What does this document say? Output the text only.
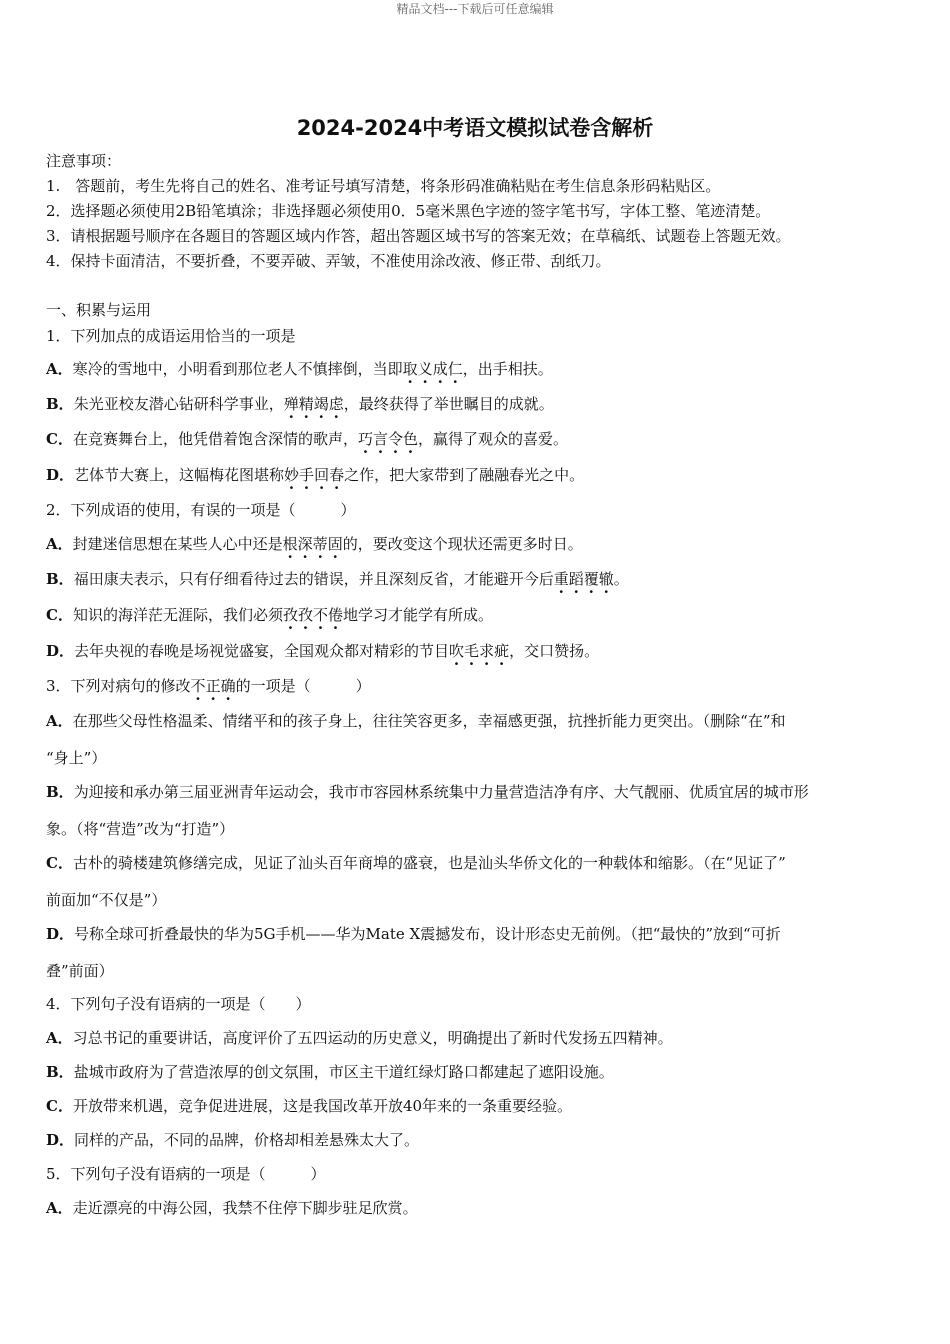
精品文档---下载后可任意编辑
2024-2024中考语文模拟试卷含解析
注意事项：
1.　答题前，考生先将自己的姓名、准考证号填写清楚，将条形码准确粘贴在考生信息条形码粘贴区。
2．选择题必须使用2B铅笔填涂；非选择题必须使用0．5毫米黑色字迹的签字笔书写，字体工整、笔迹清楚。
3．请根据题号顺序在各题目的答题区域内作答，超出答题区域书写的答案无效；在草稿纸、试题卷上答题无效。
4．保持卡面清洁，不要折叠，不要弄破、弄皱，不准使用涂改液、修正带、刮纸刀。
一、积累与运用
1．下列加点的成语运用恰当的一项是
A．寒冷的雪地中，小明看到那位老人不慎摔倒，当即取义成仁，出手相扶。
B．朱光亚校友潜心钻研科学事业，殚精竭虑，最终获得了举世瞩目的成就。
C．在竞赛舞台上，他凭借着饱含深情的歌声，巧言令色，赢得了观众的喜爱。
D．艺体节大赛上，这幅梅花图堪称妙手回春之作，把大家带到了融融春光之中。
2．下列成语的使用，有误的一项是（　　　）
A．封建迷信思想在某些人心中还是根深蒂固的，要改变这个现状还需更多时日。
B．福田康夫表示，只有仔细看待过去的错误，并且深刻反省，才能避开今后重蹈覆辙。
C．知识的海洋茫无涯际，我们必须孜孜不倦地学习才能学有所成。
D．去年央视的春晚是场视觉盛宴，全国观众都对精彩的节目吹毛求疵，交口赞扬。
3．下列对病句的修改不正确的一项是（　　　）
A．在那些父母性格温柔、情绪平和的孩子身上，往往笑容更多，幸福感更强，抗挫折能力更突出。（删除“在”和
“身上”）
B．为迎接和承办第三届亚洲青年运动会，我市市容园林系统集中力量营造洁净有序、大气靓丽、优质宜居的城市形
象。（将“营造”改为“打造”）
C．古朴的骑楼建筑修缮完成，见证了汕头百年商埠的盛衰，也是汕头华侨文化的一种载体和缩影。（在“见证了”
前面加“不仅是”）
D．号称全球可折叠最快的华为5G手机——华为Mate X震撼发布，设计形态史无前例。（把“最快的”放到“可折
叠”前面）
4．下列句子没有语病的一项是（　　）
A．习总书记的重要讲话，高度评价了五四运动的历史意义，明确提出了新时代发扬五四精神。
B．盐城市政府为了营造浓厚的创文氛围，市区主干道红绿灯路口都建起了遮阳设施。
C．开放带来机遇，竞争促进进展，这是我国改革开放40年来的一条重要经验。
D．同样的产品，不同的品牌，价格却相差悬殊太大了。
5．下列句子没有语病的一项是（　　　）
A．走近漂亮的中海公园，我禁不住停下脚步驻足欣赏。
